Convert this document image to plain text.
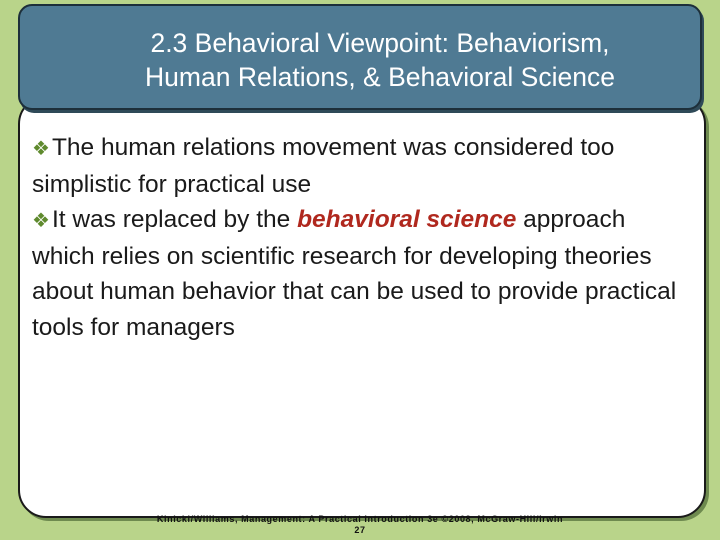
2.3 Behavioral Viewpoint: Behaviorism,
Human Relations, & Behavioral Science
❖The human relations movement was considered too simplistic for practical use
❖It was replaced by the behavioral science approach which relies on scientific research for developing theories about human behavior that can be used to provide practical tools for managers
Kinicki/Williams, Management: A Practical Introduction 3e ©2008, McGraw-Hill/Irwin
27
